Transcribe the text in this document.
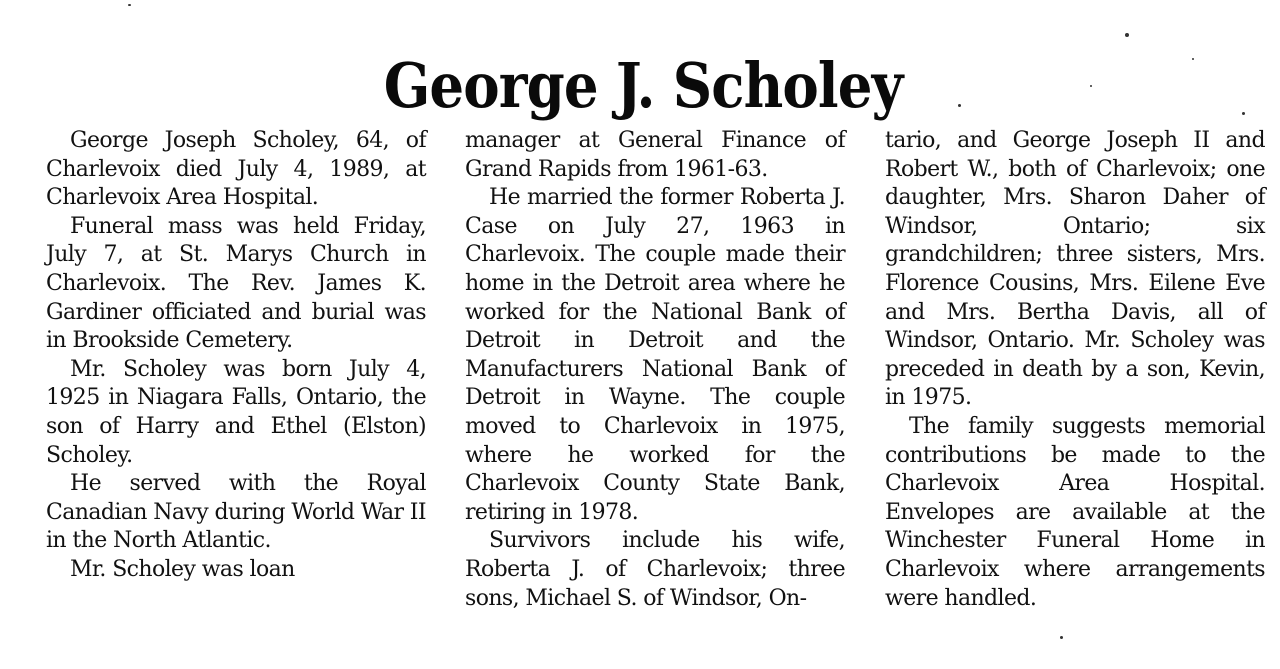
George J. Scholey

George Joseph Scholey, 64, of Charlevoix died July 4, 1989, at Charlevoix Area Hospital.

Funeral mass was held Friday, July 7, at St. Marys Church in Charlevoix. The Rev. James K. Gardiner officiated and burial was in Brookside Cemetery.

Mr. Scholey was born July 4, 1925 in Niagara Falls, Ontario, the son of Harry and Ethel (Elston) Scholey.

He served with the Royal Canadian Navy during World War II in the North Atlantic.

Mr. Scholey was loan

manager at General Finance of Grand Rapids from 1961-63.

He married the former Roberta J. Case on July 27, 1963 in Charlevoix. The couple made their home in the Detroit area where he worked for the National Bank of Detroit in Detroit and the Manufacturers National Bank of Detroit in Wayne. The couple moved to Charlevoix in 1975, where he worked for the Charlevoix County State Bank, retiring in 1978.

Survivors include his wife, Roberta J. of Charlevoix; three sons, Michael S. of Windsor, On-

tario, and George Joseph II and Robert W., both of Charlevoix; one daughter, Mrs. Sharon Daher of Windsor, Ontario; six grandchildren; three sisters, Mrs. Florence Cousins, Mrs. Eilene Eve and Mrs. Bertha Davis, all of Windsor, Ontario. Mr. Scholey was preceded in death by a son, Kevin, in 1975.

The family suggests memorial contributions be made to the Charlevoix Area Hospital. Envelopes are available at the Winchester Funeral Home in Charlevoix where arrangements were handled.
